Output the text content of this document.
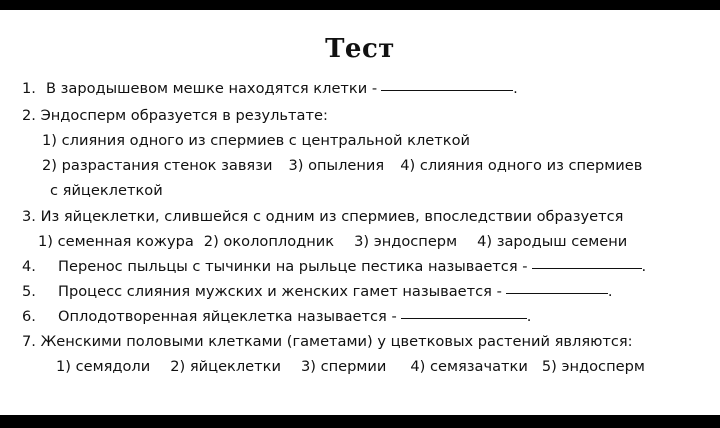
Тест
1. В зародышевом мешке находятся клетки -	.
2. Эндосперм образуется в результате:
1) слияния одного из спермиев с центральной клеткой
2) разрастания стенок завязи 3) опыления 4) слияния одного из спермиев
с яйцеклеткой
3. Из яйцеклетки, слившейся с одним из спермиев, впоследствии образуется
1) семенная кожура 2) околоплодник 3) эндосперм 4) зародыш семени
4. Перенос пыльцы с тычинки на рыльце пестика называется -	.
5. Процесс слияния мужских и женских гамет называется -	.
6. Оплодотворенная яйцеклетка называется -	.
7. Женскими половыми клетками (гаметами) у цветковых растений являются:
1) семядоли 2) яйцеклетки 3) спермии 4) семязачатки 5) эндосперм
